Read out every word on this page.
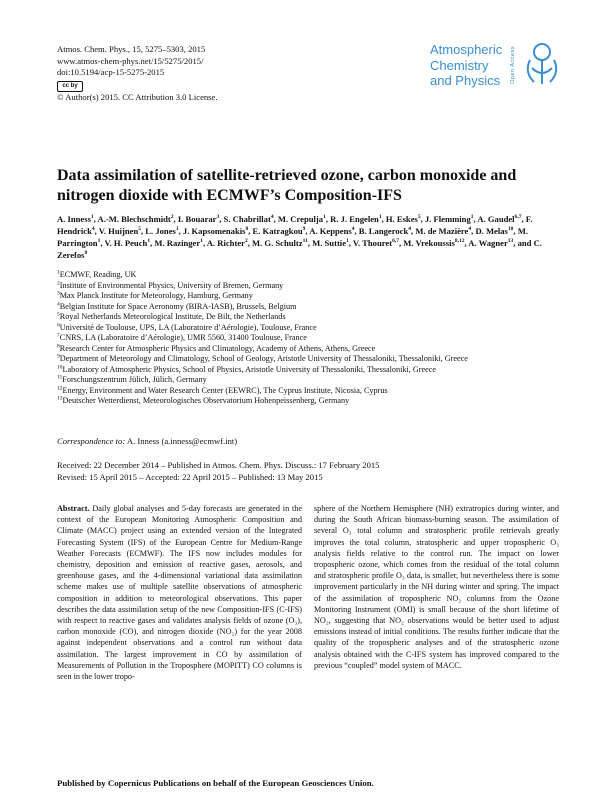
Atmos. Chem. Phys., 15, 5275–5303, 2015
www.atmos-chem-phys.net/15/5275/2015/
doi:10.5194/acp-15-5275-2015
cc by
© Author(s) 2015. CC Attribution 3.0 License.
Atmospheric
Chemistry
and Physics	Open Access
Data assimilation of satellite-retrieved ozone, carbon monoxide and nitrogen dioxide with ECMWF’s Composition-IFS
A. Inness$^1$, A.-M. Blechschmidt$^2$, I. Bouarar$^3$, S. Chabrillat$^4$, M. Crepulja$^1$, R. J. Engelen$^1$, H. Eskes$^5$, J. Flemming$^1$, A. Gaudel$^{6,7}$, F. Hendrick$^4$, V. Huijnen$^5$, L. Jones$^1$, J. Kapsomenakis$^8$, E. Katragkou$^9$, A. Keppens$^4$, B. Langerock$^4$, M. de Mazière$^4$, D. Melas$^{10}$, M. Parrington$^1$, V. H. Peuch$^1$, M. Razinger$^1$, A. Richter$^2$, M. G. Schultz$^{11}$, M. Suttie$^1$, V. Thouret$^{6,7}$, M. Vrekoussis$^{8,12}$, A. Wagner$^{13}$, and C. Zerefos$^8$
$^1$ECMWF, Reading, UK
$^2$Institute of Environmental Physics, University of Bremen, Germany
$^3$Max Planck Institute for Meteorology, Hamburg, Germany
$^4$Belgian Institute for Space Aeronomy (BIRA-IASB), Brussels, Belgium
$^5$Royal Netherlands Meteorological Institute, De Bilt, the Netherlands
$^6$Université de Toulouse, UPS, LA (Laboratoire d’Aérologie), Toulouse, France
$^7$CNRS, LA (Laboratoire d’Aérologie), UMR 5560, 31400 Toulouse, France
$^8$Research Center for Atmospheric Physics and Climatology, Academy of Athens, Athens, Greece
$^9$Department of Meteorology and Climatology, School of Geology, Aristotle University of Thessaloniki, Thessaloniki, Greece
$^{10}$Laboratory of Atmospheric Physics, School of Physics, Aristotle University of Thessaloniki, Thessaloniki, Greece
$^{11}$Forschungszentrum Jülich, Jülich, Germany
$^{12}$Energy, Environment and Water Research Center (EEWRC), The Cyprus Institute, Nicosia, Cyprus
$^{13}$Deutscher Wetterdienst, Meteorologisches Observatorium Hohenpeissenberg, Germany
Correspondence to: A. Inness (a.inness@ecmwf.int)
Received: 22 December 2014 – Published in Atmos. Chem. Phys. Discuss.: 17 February 2015
Revised: 15 April 2015 – Accepted: 22 April 2015 – Published: 13 May 2015
Abstract. Daily global analyses and 5-day forecasts are generated in the context of the European Monitoring Atmospheric Composition and Climate (MACC) project using an extended version of the Integrated Forecasting System (IFS) of the European Centre for Medium-Range Weather Forecasts (ECMWF). The IFS now includes modules for chemistry, deposition and emission of reactive gases, aerosols, and greenhouse gases, and the 4-dimensional variational data assimilation scheme makes use of multiple satellite observations of atmospheric composition in addition to meteorological observations. This paper describes the data assimilation setup of the new Composition-IFS (C-IFS) with respect to reactive gases and validates analysis fields of ozone (O₃), carbon monoxide (CO), and nitrogen dioxide (NO₂) for the year 2008 against independent observations and a control run without data assimilation. The largest improvement in CO by assimilation of Measurements of Pollution in the Troposphere (MOPITT) CO columns is seen in the lower tropo-
sphere of the Northern Hemisphere (NH) extratropics during winter, and during the South African biomass-burning season. The assimilation of several O₃ total column and stratospheric profile retrievals greatly improves the total column, stratospheric and upper tropospheric O₃ analysis fields relative to the control run. The impact on lower tropospheric ozone, which comes from the residual of the total column and stratospheric profile O₃ data, is smaller, but nevertheless there is some improvement particularly in the NH during winter and spring. The impact of the assimilation of tropospheric NO₂ columns from the Ozone Monitoring Instrument (OMI) is small because of the short lifetime of NO₂, suggesting that NO₂ observations would be better used to adjust emissions instead of initial conditions. The results further indicate that the quality of the tropospheric analyses and of the stratospheric ozone analysis obtained with the C-IFS system has improved compared to the previous “coupled” model system of MACC.
Published by Copernicus Publications on behalf of the European Geosciences Union.
